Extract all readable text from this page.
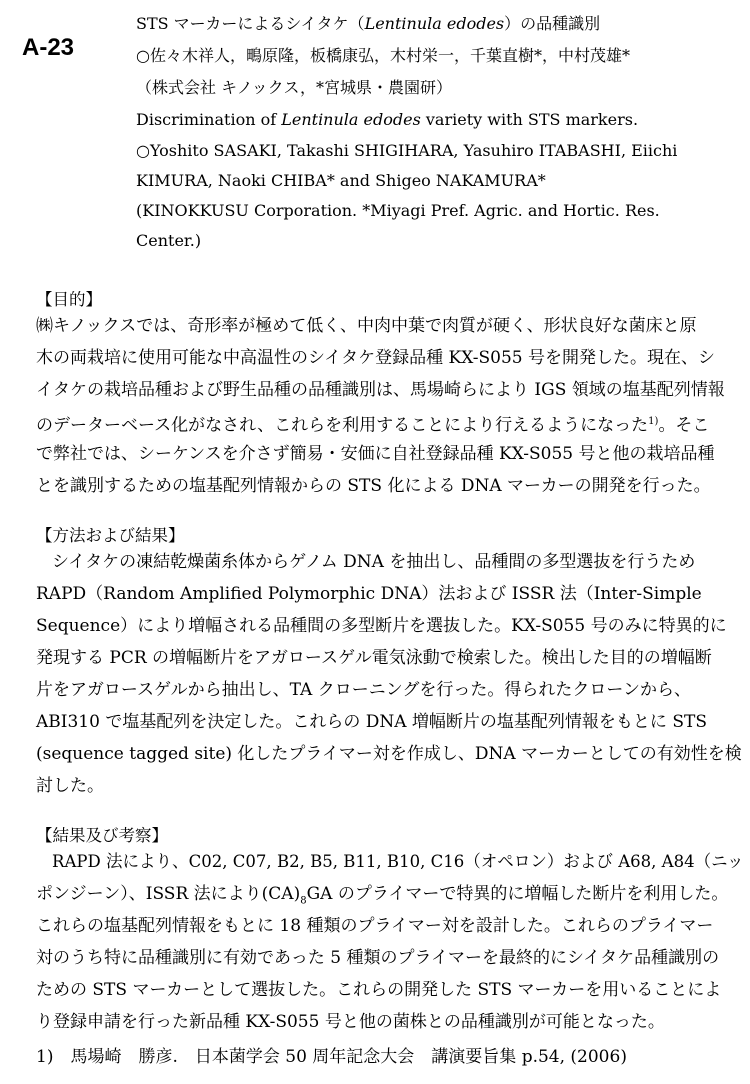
A-23
STS マーカーによるシイタケ（Lentinula edodes）の品種識別
○佐々木祥人，鴫原隆，板橋康弘，木村栄一，千葉直樹*，中村茂雄*
（株式会社 キノックス，*宮城県・農園研）
Discrimination of Lentinula edodes variety with STS markers.
○Yoshito SASAKI, Takashi SHIGIHARA, Yasuhiro ITABASHI, Eiichi
KIMURA, Naoki CHIBA* and Shigeo NAKAMURA*
(KINOKKUSU Corporation. *Miyagi Pref. Agric. and Hortic. Res.
Center.)
【目的】
㈱キノックスでは、奇形率が極めて低く、中肉中葉で肉質が硬く、形状良好な菌床と原
木の両栽培に使用可能な中高温性のシイタケ登録品種 KX-S055 号を開発した。現在、シ
イタケの栽培品種および野生品種の品種識別は、馬場崎らにより IGS 領域の塩基配列情報
のデーターベース化がなされ、これらを利用することにより行えるようになった$^{1)}$。そこ
で弊社では、シーケンスを介さず簡易・安価に自社登録品種 KX-S055 号と他の栽培品種
とを識別するための塩基配列情報からの STS 化による DNA マーカーの開発を行った。
【方法および結果】
シイタケの凍結乾燥菌糸体からゲノム DNA を抽出し、品種間の多型選抜を行うため
RAPD（Random Amplified Polymorphic DNA）法および ISSR 法（Inter-Simple
Sequence）により増幅される品種間の多型断片を選抜した。KX-S055 号のみに特異的に
発現する PCR の増幅断片をアガロースゲル電気泳動で検索した。検出した目的の増幅断
片をアガロースゲルから抽出し、TA クローニングを行った。得られたクローンから、
ABI310 で塩基配列を決定した。これらの DNA 増幅断片の塩基配列情報をもとに STS
(sequence tagged site) 化したプライマー対を作成し、DNA マーカーとしての有効性を検
討した。
【結果及び考察】
RAPD 法により、C02, C07, B2, B5, B11, B10, C16（オペロン）および A68, A84（ニッ
ポンジーン）、ISSR 法により$(CA)_8GA$ のプライマーで特異的に増幅した断片を利用した。
これらの塩基配列情報をもとに 18 種類のプライマー対を設計した。これらのプライマー
対のうち特に品種識別に有効であった 5 種類のプライマーを最終的にシイタケ品種識別の
ための STS マーカーとして選抜した。これらの開発した STS マーカーを用いることによ
り登録申請を行った新品種 KX-S055 号と他の菌株との品種識別が可能となった。
1)　馬場崎　勝彦.　日本菌学会 50 周年記念大会　講演要旨集 p.54, (2006)
